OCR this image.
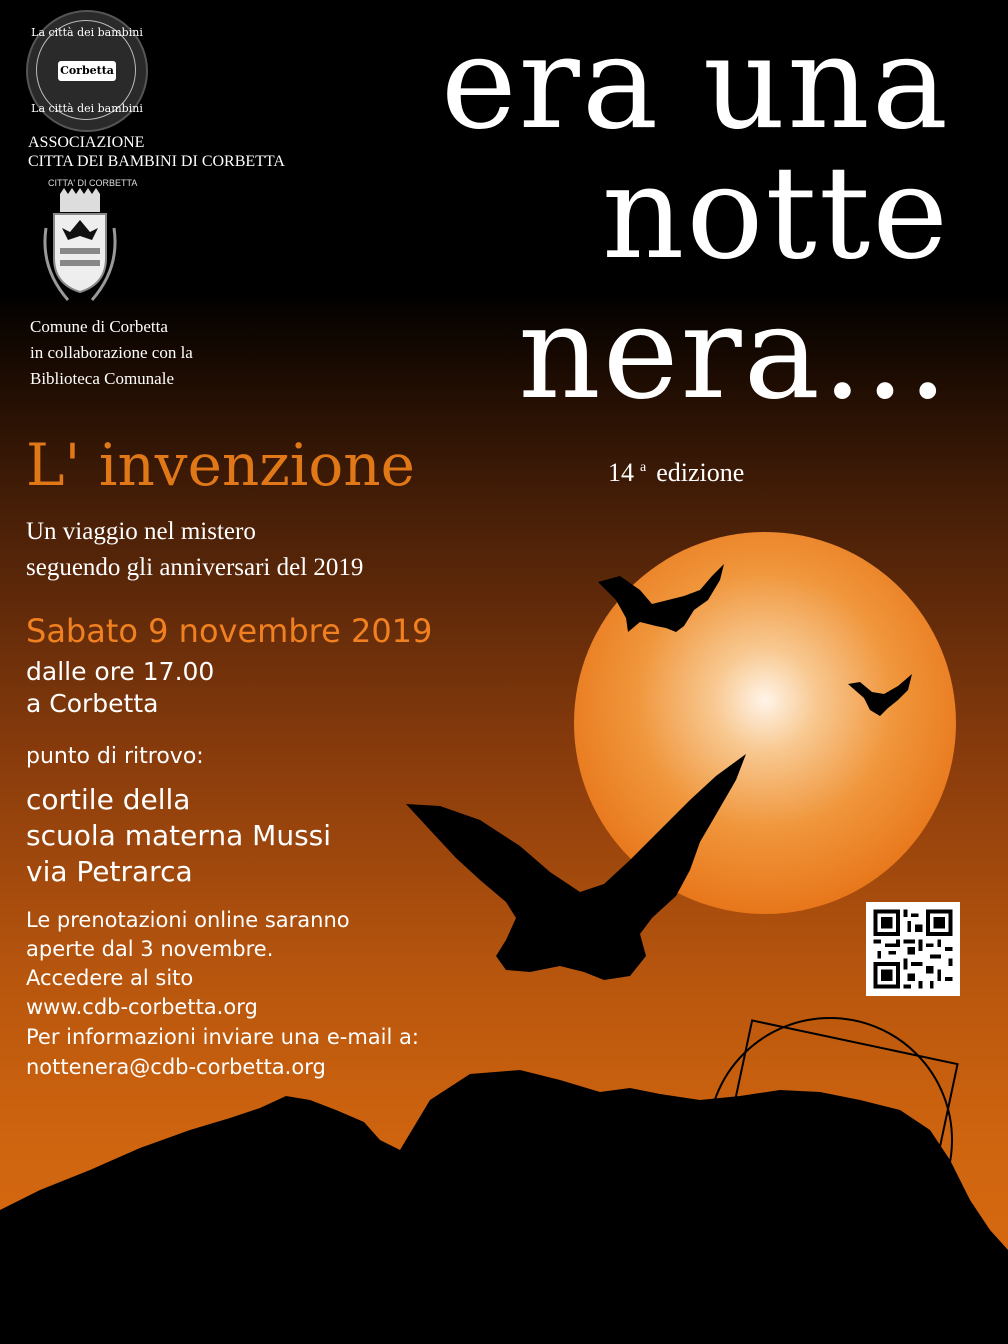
La città dei bambini
Corbetta
La città dei bambini
ASSOCIAZIONE
CITTA DEI BAMBINI DI CORBETTA
CITTA' DI CORBETTA
Comune di Corbetta
in collaborazione con la
Biblioteca Comunale
era una
notte
nera...
14 $^a$ edizione
L' invenzione
Un viaggio nel mistero
seguendo gli anniversari del 2019
Sabato 9 novembre 2019
dalle ore 17.00
a Corbetta
punto di ritrovo:
cortile della
scuola materna Mussi
via Petrarca
Le prenotazioni online saranno
aperte dal 3 novembre.
Accedere al sito
www.cdb-corbetta.org
Per informazioni inviare una e-mail a:
nottenera@cdb-corbetta.org
